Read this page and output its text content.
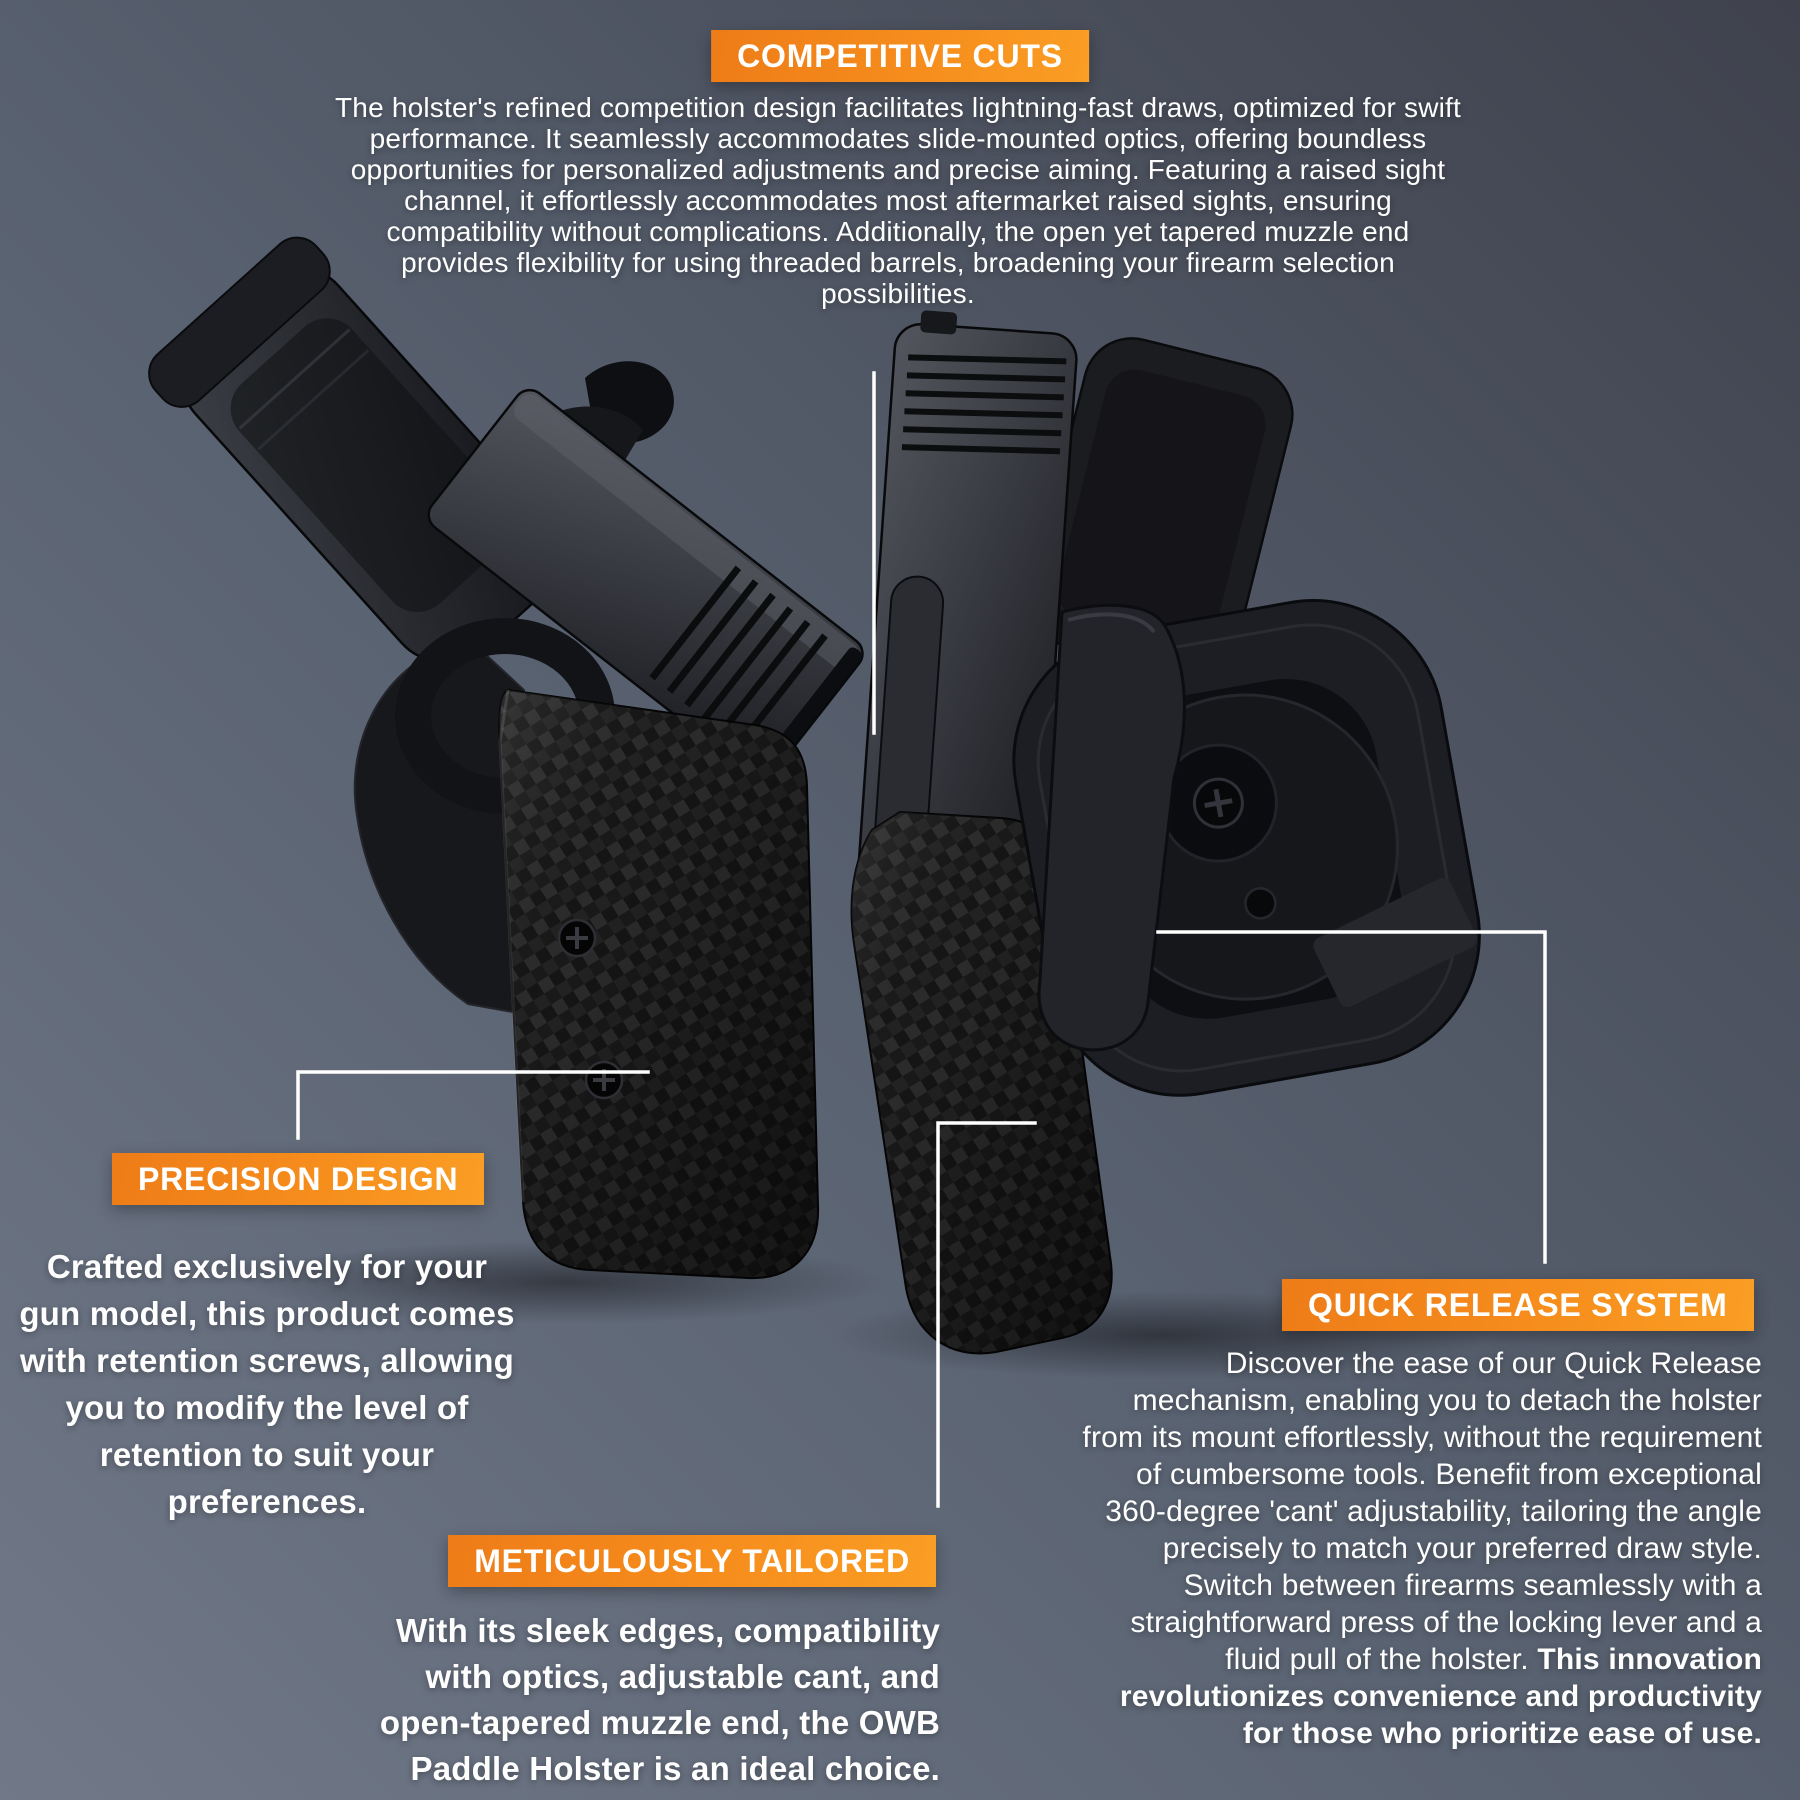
COMPETITIVE CUTS

The holster's refined competition design facilitates lightning-fast draws, optimized for swift performance. It seamlessly accommodates slide-mounted optics, offering boundless opportunities for personalized adjustments and precise aiming. Featuring a raised sight channel, it effortlessly accommodates most aftermarket raised sights, ensuring compatibility without complications. Additionally, the open yet tapered muzzle end provides flexibility for using threaded barrels, broadening your firearm selection possibilities.

PRECISION DESIGN

Crafted exclusively for your gun model, this product comes with retention screws, allowing you to modify the level of retention to suit your preferences.

METICULOUSLY TAILORED

With its sleek edges, compatibility with optics, adjustable cant, and open-tapered muzzle end, the OWB Paddle Holster is an ideal choice.

QUICK RELEASE SYSTEM

Discover the ease of our Quick Release mechanism, enabling you to detach the holster from its mount effortlessly, without the requirement of cumbersome tools. Benefit from exceptional 360-degree 'cant' adjustability, tailoring the angle precisely to match your preferred draw style. Switch between firearms seamlessly with a straightforward press of the locking lever and a fluid pull of the holster. This innovation revolutionizes convenience and productivity for those who prioritize ease of use.
